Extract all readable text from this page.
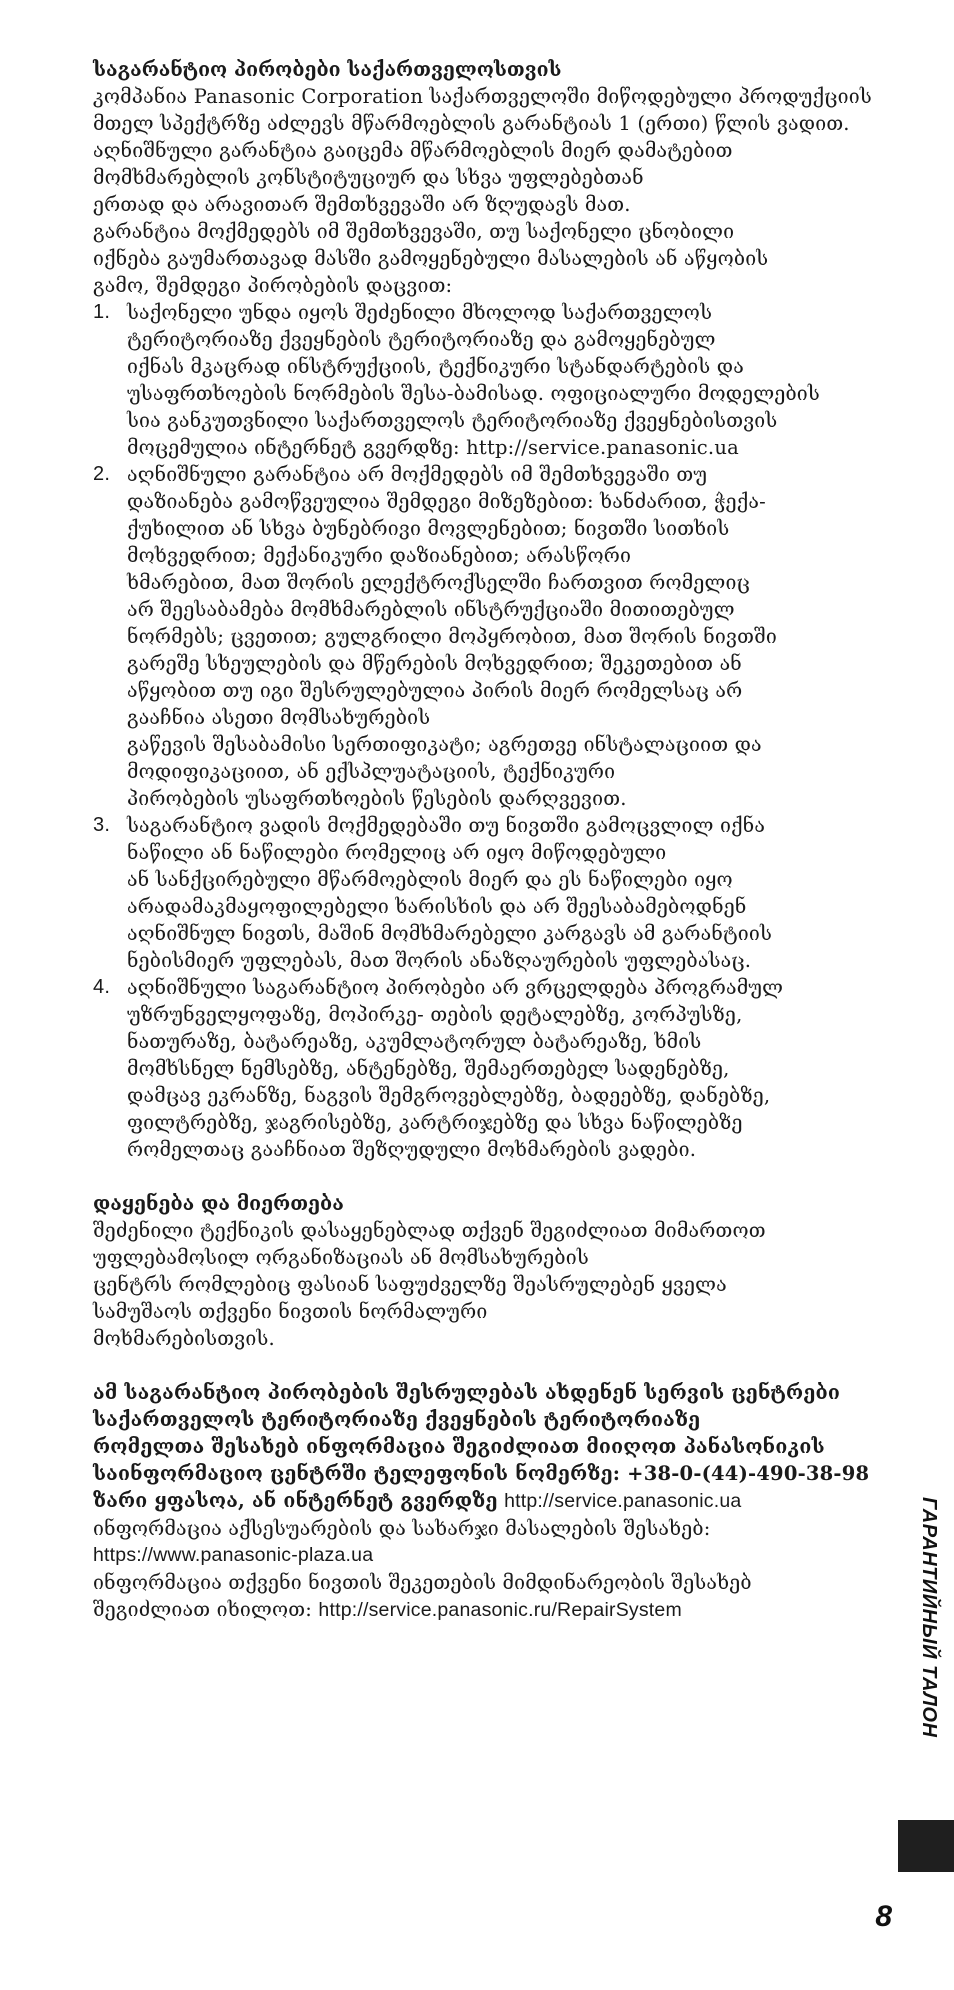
საგარანტიო პირობები საქართველოსთვის
კომპანია Panasonic Corporation საქართველოში მიწოდებული პროდუქციის
მთელ სპექტრზე აძლევს მწარმოებლის გარანტიას 1 (ერთი) წლის ვადით.
აღნიშნული გარანტია გაიცემა მწარმოებლის მიერ დამატებით
მომხმარებლის კონსტიტუციურ და სხვა უფლებებთან
ერთად და არავითარ შემთხვევაში არ ზღუდავს მათ.
გარანტია მოქმედებს იმ შემთხვევაში, თუ საქონელი ცნობილი
იქნება გაუმართავად მასში გამოყენებული მასალების ან აწყობის
გამო, შემდეგი პირობების დაცვით:
1. საქონელი უნდა იყოს შეძენილი მხოლოდ საქართველოს
ტერიტორიაზე ქვეყნების ტერიტორიაზე და გამოყენებულ
იქნას მკაცრად ინსტრუქციის, ტექნიკური სტანდარტების და
უსაფრთხოების ნორმების შესა-ბამისად. ოფიციალური მოდელების
სია განკუთვნილი საქართველოს ტერიტორიაზე ქვეყნებისთვის
მოცემულია ინტერნეტ გვერდზე: http://service.panasonic.ua
2. აღნიშნული გარანტია არ მოქმედებს იმ შემთხვევაში თუ
დაზიანება გამოწვეულია შემდეგი მიზეზებით: ხანძარით, ჭექა-
ქუხილით ან სხვა ბუნებრივი მოვლენებით; ნივთში სითხის
მოხვედრით; მექანიკური დაზიანებით; არასწორი
ხმარებით, მათ შორის ელექტროქსელში ჩართვით რომელიც
არ შეესაბამება მომხმარებლის ინსტრუქციაში მითითებულ
ნორმებს; ცვეთით; გულგრილი მოპყრობით, მათ შორის ნივთში
გარეშე სხეულების და მწერების მოხვედრით; შეკეთებით ან
აწყობით თუ იგი შესრულებულია პირის მიერ რომელსაც არ
გააჩნია ასეთი მომსახურების
გაწევის შესაბამისი სერთიფიკატი; აგრეთვე ინსტალაციით და
მოდიფიკაციით, ან ექსპლუატაციის, ტექნიკური
პირობების უსაფრთხოების წესების დარღვევით.
3. საგარანტიო ვადის მოქმედებაში თუ ნივთში გამოცვლილ იქნა
ნაწილი ან ნაწილები რომელიც არ იყო მიწოდებული
ან სანქცირებული მწარმოებლის მიერ და ეს ნაწილები იყო
არადამაკმაყოფილებელი ხარისხის და არ შეესაბამებოდნენ
აღნიშნულ ნივთს, მაშინ მომხმარებელი კარგავს ამ გარანტიის
ნებისმიერ უფლებას, მათ შორის ანაზღაურების უფლებასაც.
4. აღნიშნული საგარანტიო პირობები არ ვრცელდება პროგრამულ
უზრუნველყოფაზე, მოპირკე- თების დეტალებზე, კორპუსზე,
ნათურაზე, ბატარეაზე, აკუმლატორულ ბატარეაზე, ხმის
მომხსნელ ნემსებზე, ანტენებზე, შემაერთებელ სადენებზე,
დამცავ ეკრანზე, ნაგვის შემგროვებლებზე, ბადეებზე, დანებზე,
ფილტრებზე, ჯაგრისებზე, კარტრიჯებზე და სხვა ნაწილებზე
რომელთაც გააჩნიათ შეზღუდული მოხმარების ვადები.
დაყენება და მიერთება
შეძენილი ტექნიკის დასაყენებლად თქვენ შეგიძლიათ მიმართოთ
უფლებამოსილ ორგანიზაციას ან მომსახურების
ცენტრს რომლებიც ფასიან საფუძველზე შეასრულებენ ყველა
სამუშაოს თქვენი ნივთის ნორმალური
მოხმარებისთვის.
ამ საგარანტიო პირობების შესრულებას ახდენენ სერვის ცენტრები
საქართველოს ტერიტორიაზე ქვეყნების ტერიტორიაზე
რომელთა შესახებ ინფორმაცია შეგიძლიათ მიიღოთ პანასონიკის
საინფორმაციო ცენტრში ტელეფონის ნომერზე: +38-0-(44)-490-38-98
ზარი ყფასოა, ან ინტერნეტ გვერდზე http://service.panasonic.ua
ინფორმაცია აქსესუარების და სახარჯი მასალების შესახებ:
https://www.panasonic-plaza.ua
ინფორმაცია თქვენი ნივთის შეკეთების მიმდინარეობის შესახებ
შეგიძლიათ იხილოთ: http://service.panasonic.ru/RepairSystem	ГАРАНТИЙНЫЙ ТАЛОН
8
